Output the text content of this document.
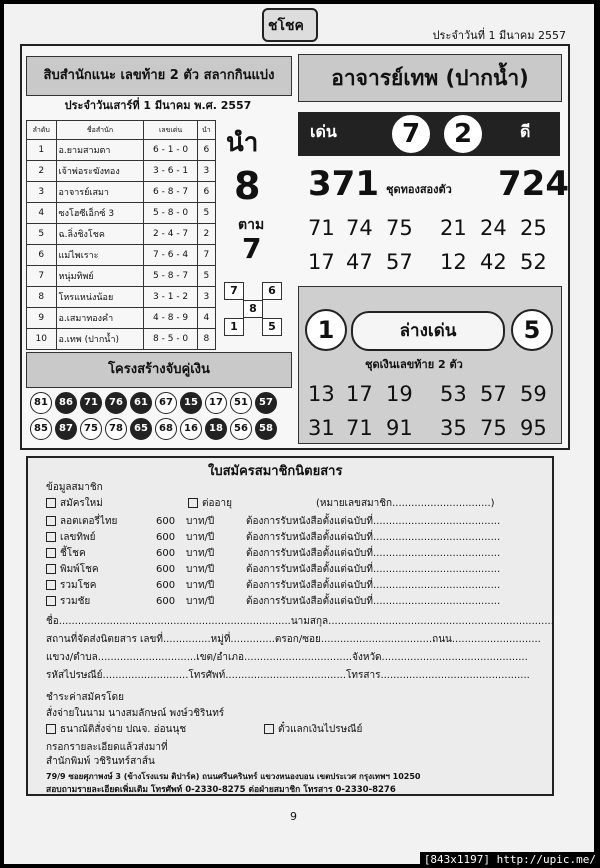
ชโชค
ประจำวันที่ 1 มีนาคม 2557
สิบสำนักแนะ เลขท้าย 2 ตัว สลากกินแบ่ง
ประจำวันเสาร์ที่ 1 มีนาคม พ.ศ. 2557
ลำดับ	ชื่อสำนัก	เลขเด่น	นำ
1	อ.ยามสามตา	6 - 1 - 0	6
2	เจ้าพ่อระฆังทอง	3 - 6 - 1	3
3	อาจารย์เสมา	6 - 8 - 7	6
4	ซงโฮซีเอ็กซ์ 3	5 - 8 - 0	5
5	ฉ.ลิ่งชิงโชค	2 - 4 - 7	2
6	แม่ไพเราะ	7 - 6 - 4	7
7	หนุ่มทิพย์	5 - 8 - 7	5
8	โหรแหน่งน้อย	3 - 1 - 2	3
9	อ.เสมาทองคำ	4 - 8 - 9	4
10	อ.เทพ (ปากน้ำ)	8 - 5 - 0	8
นำ
8
ตาม
7
7	6
8
1	5
โครงสร้างจับคู่เงิน
81	86	71	76	61	67	15	17	51	57
85	87	75	78	65	68	16	18	56	58
อาจารย์เทพ (ปากน้ำ)
เด่น	7	2	ดี
371 ชุดทองสองตัว 724
71 74 75 21 24 25
17 47 57 12 42 52
1	ล่างเด่น	5
ชุดเงินเลขท้าย 2 ตัว
13 17 19 53 57 59
31 71 91 35 75 95
ใบสมัครสมาชิกนิตยสาร
ข้อมูลสมาชิก
สมัครใหม่	ต่ออายุ	(หมายเลขสมาชิก...............................)
ลอตเตอรี่ไทย	600 บาท/ปี	ต้องการรับหนังสือตั้งแต่ฉบับที่........................................
เลขทิพย์	600 บาท/ปี	ต้องการรับหนังสือตั้งแต่ฉบับที่........................................
ชี้โชค	600 บาท/ปี	ต้องการรับหนังสือตั้งแต่ฉบับที่........................................
พิมพ์โชค	600 บาท/ปี	ต้องการรับหนังสือตั้งแต่ฉบับที่........................................
รวมโชค	600 บาท/ปี	ต้องการรับหนังสือตั้งแต่ฉบับที่........................................
รวมชัย	600 บาท/ปี	ต้องการรับหนังสือตั้งแต่ฉบับที่........................................
ชื่อ.........................................................................นามสกุล.......................................................................
สถานที่จัดส่งนิตยสาร เลขที่...............หมู่ที่..............ตรอก/ซอย...................................ถนน............................
แขวง/ตำบล...............................เขต/อำเภอ..................................จังหวัด..............................................
รหัสไปรษณีย์...........................โทรศัพท์......................................โทรสาร...............................................
ชำระค่าสมัครโดย
สั่งจ่ายในนาม นางสมลักษณ์ พงษ์วชิรินทร์
ธนาณัติสั่งจ่าย ปณจ. อ่อนนุช	ตั๋วแลกเงินไปรษณีย์
กรอกรายละเอียดแล้วส่งมาที่
สำนักพิมพ์ วชิรินทร์สาส์น
79/9 ซอยศุภาพงษ์ 3 (ข้างโรงแรม ดิปาร์ค) ถนนศรีนครินทร์ แขวงหนองบอน เขตประเวศ กรุงเทพฯ 10250
สอบถามรายละเอียดเพิ่มเติม โทรศัพท์ 0-2330-8275 ต่อฝ่ายสมาชิก โทรสาร 0-2330-8276
9
[843x1197] http://upic.me/
